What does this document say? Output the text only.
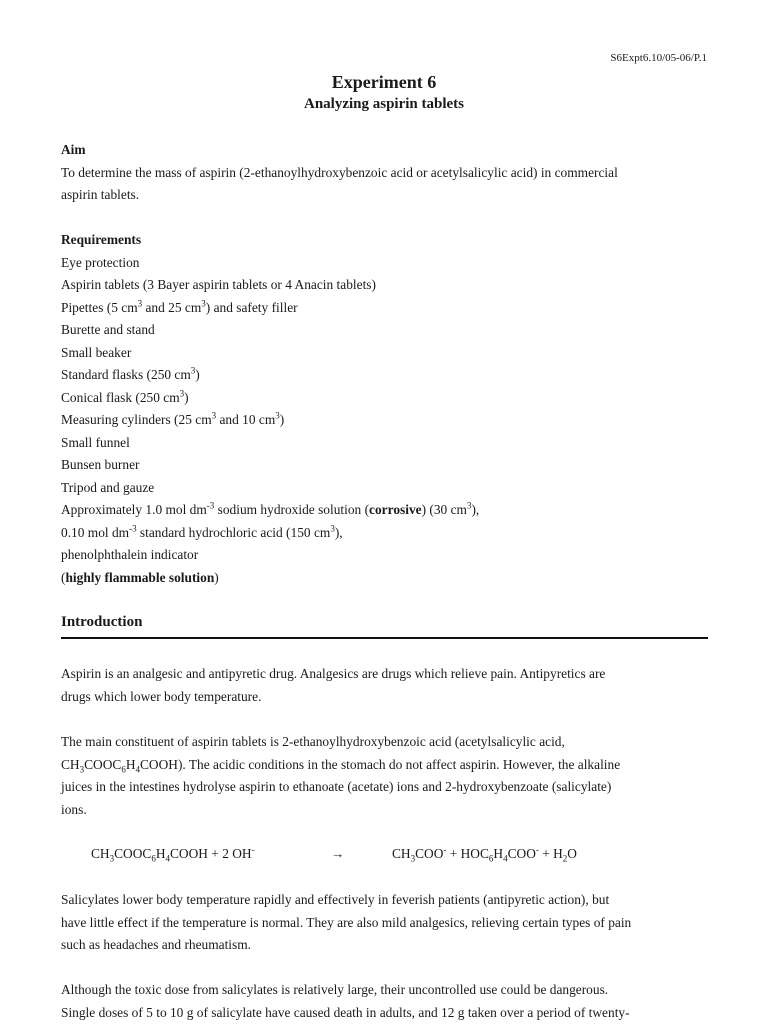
S6Expt6.10/05-06/P.1
Experiment 6
Analyzing aspirin tablets
Aim
To determine the mass of aspirin (2-ethanoylhydroxybenzoic acid or acetylsalicylic acid) in commercial
aspirin tablets.
Requirements
Eye protection
Aspirin tablets (3 Bayer aspirin tablets or 4 Anacin tablets)
Pipettes (5 $cm^3$ and 25 $cm^3$) and safety filler
Burette and stand
Small beaker
Standard flasks (250 $cm^3$)
Conical flask (250 $cm^3$)
Measuring cylinders (25 $cm^3$ and 10 $cm^3$)
Small funnel
Bunsen burner
Tripod and gauze
Approximately 1.0 mol $dm^{-3}$ sodium hydroxide solution (corrosive) (30 $cm^3$),
0.10 mol $dm^{-3}$ standard hydrochloric acid (150 $cm^3$),
phenolphthalein indicator
(highly flammable solution)
Introduction
Aspirin is an analgesic and antipyretic drug. Analgesics are drugs which relieve pain. Antipyretics are
drugs which lower body temperature.
The main constituent of aspirin tablets is 2-ethanoylhydroxybenzoic acid (acetylsalicylic acid,
$CH_3COOC_6H_4COOH$). The acidic conditions in the stomach do not affect aspirin. However, the alkaline
juices in the intestines hydrolyse aspirin to ethanoate (acetate) ions and 2-hydroxybenzoate (salicylate)
ions.
$CH_3COOC_6H_4COOH + 2$ OH-	→	$CH_3COO^- + HOC_6H_4COO^- + H_2O$
Salicylates lower body temperature rapidly and effectively in feverish patients (antipyretic action), but
have little effect if the temperature is normal. They are also mild analgesics, relieving certain types of pain
such as headaches and rheumatism.
Although the toxic dose from salicylates is relatively large, their uncontrolled use could be dangerous.
Single doses of 5 to 10 g of salicylate have caused death in adults, and 12 g taken over a period of twenty-
